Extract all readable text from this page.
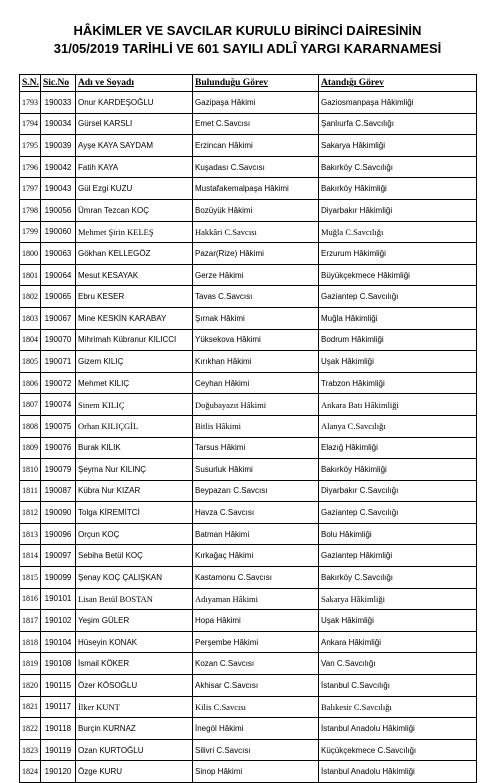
HÂKİMLER VE SAVCILAR KURULU BİRİNCİ DAİRESİNİN
31/05/2019 TARİHLİ VE 601 SAYILI ADLÎ YARGI KARARNAMESİ
S.N.	Sic.No	Adı ve Soyadı	Bulunduğu Görev	Atandığı Görev
1793	190033	Onur KARDEŞOĞLU	Gazipaşa Hâkimi	Gaziosmanpaşa Hâkimliği
1794	190034	Gürsel KARSLI	Emet C.Savcısı	Şanlıurfa C.Savcılığı
1795	190039	Ayşe KAYA SAYDAM	Erzincan Hâkimi	Sakarya Hâkimliği
1796	190042	Fatih KAYA	Kuşadası C.Savcısı	Bakırköy C.Savcılığı
1797	190043	Gül Ezgi KUZU	Mustafakemalpaşa Hâkimi	Bakırköy Hâkimliği
1798	190056	Ümran Tezcan KOÇ	Bozüyük Hâkimi	Diyarbakır Hâkimliği
1799	190060	Mehmet Şirin KELEŞ	Hakkâri C.Savcısı	Muğla C.Savcılığı
1800	190063	Gökhan KELLEGÖZ	Pazar(Rize) Hâkimi	Erzurum Hâkimliği
1801	190064	Mesut KESAYAK	Gerze Hâkimi	Büyükçekmece Hâkimliği
1802	190065	Ebru KESER	Tavas C.Savcısı	Gaziantep C.Savcılığı
1803	190067	Mine KESKİN KARABAY	Şırnak Hâkimi	Muğla Hâkimliği
1804	190070	Mihrimah Kübranur KILICCI	Yüksekova Hâkimi	Bodrum Hâkimliği
1805	190071	Gizem KILIÇ	Kırıkhan Hâkimi	Uşak Hâkimliği
1806	190072	Mehmet KILIÇ	Ceyhan Hâkimi	Trabzon Hâkimliği
1807	190074	Sinem KILIÇ	Doğubayazıt Hâkimi	Ankara Batı Hâkimliği
1808	190075	Orhan KILIÇGİL	Bitlis Hâkimi	Alanya C.Savcılığı
1809	190076	Burak KILIK	Tarsus Hâkimi	Elazığ Hâkimliği
1810	190079	Şeyma Nur KILINÇ	Susurluk Hâkimi	Bakırköy Hâkimliği
1811	190087	Kübra Nur KIZAR	Beypazarı C.Savcısı	Diyarbakır C.Savcılığı
1812	190090	Tolga KİREMİTCİ	Havza C.Savcısı	Gaziantep C.Savcılığı
1813	190096	Orçun KOÇ	Batman Hâkimi	Bolu Hâkimliği
1814	190097	Sebiha Betül KOÇ	Kırkağaç Hâkimi	Gaziantep Hâkimliği
1815	190099	Şenay KOÇ ÇALIŞKAN	Kastamonu C.Savcısı	Bakırköy C.Savcılığı
1816	190101	Lisan Betül BOSTAN	Adıyaman Hâkimi	Sakarya Hâkimliği
1817	190102	Yeşim GÜLER	Hopa Hâkimi	Uşak Hâkimliği
1818	190104	Hüseyin KONAK	Perşembe Hâkimi	Ankara Hâkimliği
1819	190108	İsmail KÖKER	Kozan C.Savcısı	Van C.Savcılığı
1820	190115	Özer KÖSOĞLU	Akhisar C.Savcısı	İstanbul C.Savcılığı
1821	190117	İlker KUNT	Kilis C.Savcısı	Balıkesir C.Savcılığı
1822	190118	Burçin KURNAZ	İnegöl Hâkimi	İstanbul Anadolu Hâkimliği
1823	190119	Ozan KURTOĞLU	Silivri C.Savcısı	Küçükçekmece C.Savcılığı
1824	190120	Özge KURU	Sinop Hâkimi	İstanbul Anadolu Hâkimliği
